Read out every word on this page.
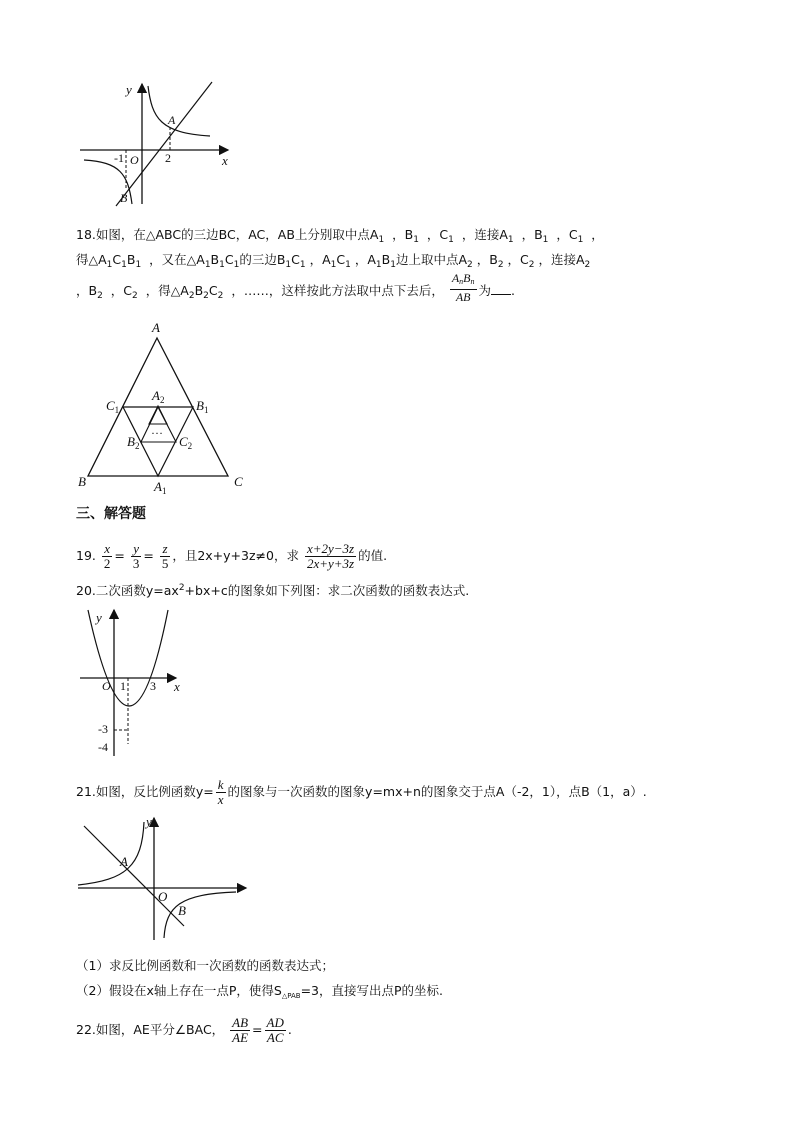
y
x
A
B
O
-1	2
18.如图，在△ABC的三边BC，AC，AB上分别取中点$A_1$ ，$B_1$ ，$C_1$ ，连接$A_1$ ，$B_1$ ，$C_1$ ，
得$\triangle A_1C_1B_1$ ，又在$\triangle A_1B_1C_1$的三边$B_1C_1$ ，$A_1C_1$ ，$A_1B_1$边上取中点$A_2$ ，$B_2$ ，$C_2$ ，连接$A_2$
，$B_2$ ，$C_2$ ，得$\triangle A_2B_2C_2$ ，……，这样按此方法取中点下去后， $\frac{\text{AnBn}}{AB}$ 为 .
A
B	C
$C_1$	$B_1$
$A_1$
$A_2$
$B_2$	$C_2$
…
三、解答题
19. $\frac{x}{2} = \frac{y}{3} = \frac{z}{5}$ ，且2x+y+3z≠0，求 $\frac{x+2y-3z}{2x+y+3z}$ 的值.
20.二次函数$y=ax^2+bx+c$的图象如下列图：求二次函数的函数表达式.
y
x
O 1 3
-3
-4
21.如图，反比例函数$y= \frac{k}{x}$ 的图象与一次函数的图象y=mx+n的图象交于点A（-2，1），点B（1，a）.
y
A
B
O
（1）求反比例函数和一次函数的函数表达式；
（2）假设在x轴上存在一点P，使得$S_{\triangle PAB}=3$，直接写出点P的坐标.
22.如图，AE平分∠BAC， $\frac{AB}{AE} = \frac{AD}{AC}$ .
